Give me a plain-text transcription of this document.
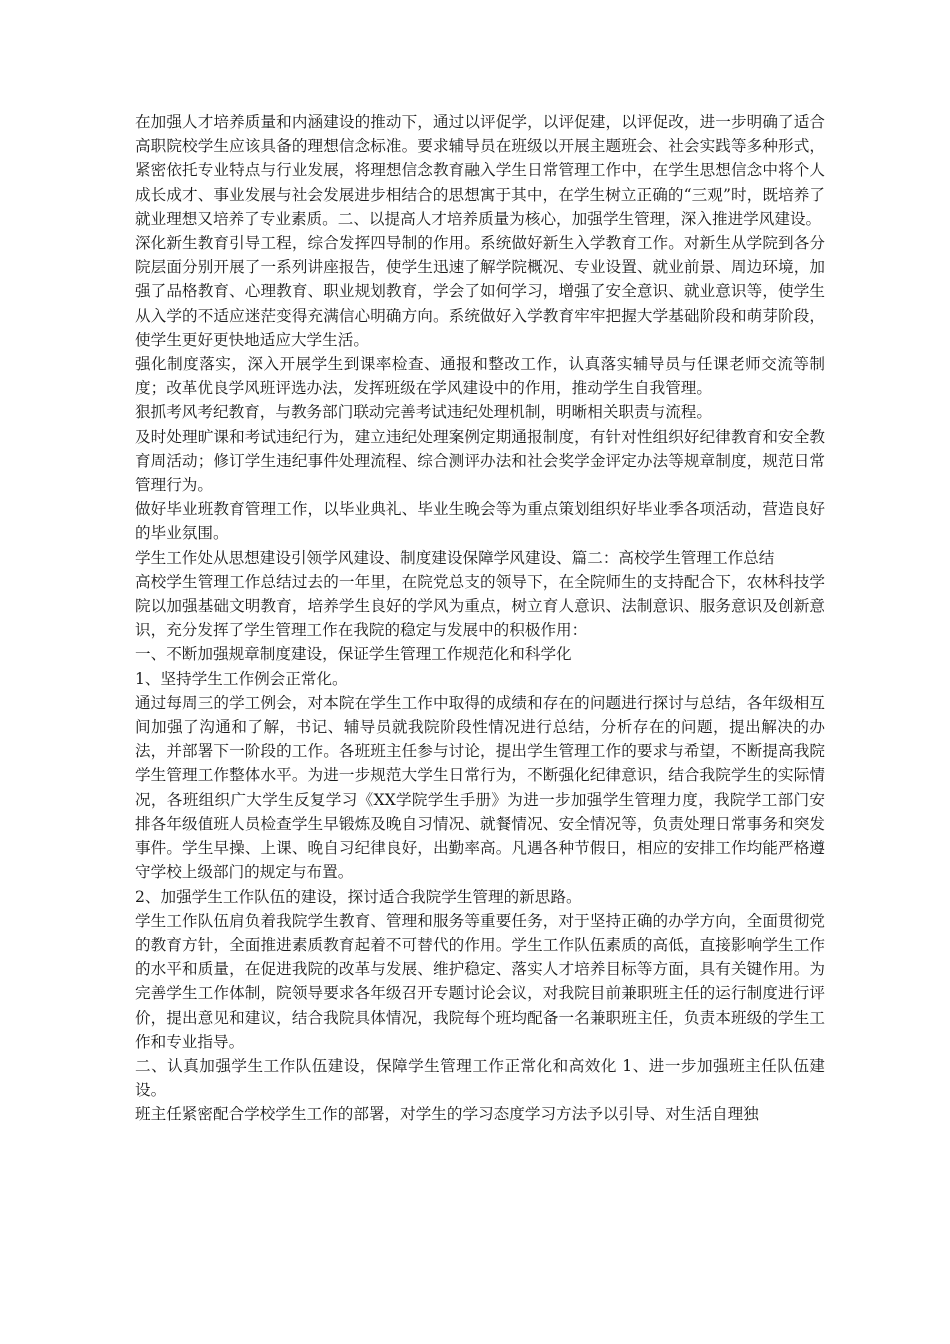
在加强人才培养质量和内涵建设的推动下，通过以评促学，以评促建，以评促改，进一步明确了适合高职院校学生应该具备的理想信念标准。要求辅导员在班级以开展主题班会、社会实践等多种形式，紧密依托专业特点与行业发展，将理想信念教育融入学生日常管理工作中，在学生思想信念中将个人成长成才、事业发展与社会发展进步相结合的思想寓于其中，在学生树立正确的“三观”时，既培养了就业理想又培养了专业素质。二、以提高人才培养质量为核心，加强学生管理，深入推进学风建设。

深化新生教育引导工程，综合发挥四导制的作用。系统做好新生入学教育工作。对新生从学院到各分院层面分别开展了一系列讲座报告，使学生迅速了解学院概况、专业设置、就业前景、周边环境，加强了品格教育、心理教育、职业规划教育，学会了如何学习，增强了安全意识、就业意识等，使学生从入学的不适应迷茫变得充满信心明确方向。系统做好入学教育牢牢把握大学基础阶段和萌芽阶段，使学生更好更快地适应大学生活。

强化制度落实，深入开展学生到课率检查、通报和整改工作，认真落实辅导员与任课老师交流等制度；改革优良学风班评选办法，发挥班级在学风建设中的作用，推动学生自我管理。

狠抓考风考纪教育，与教务部门联动完善考试违纪处理机制，明晰相关职责与流程。

及时处理旷课和考试违纪行为，建立违纪处理案例定期通报制度，有针对性组织好纪律教育和安全教育周活动；修订学生违纪事件处理流程、综合测评办法和社会奖学金评定办法等规章制度，规范日常管理行为。

做好毕业班教育管理工作，以毕业典礼、毕业生晚会等为重点策划组织好毕业季各项活动，营造良好的毕业氛围。

学生工作处从思想建设引领学风建设、制度建设保障学风建设、篇二：高校学生管理工作总结

高校学生管理工作总结过去的一年里，在院党总支的领导下，在全院师生的支持配合下，农林科技学院以加强基础文明教育，培养学生良好的学风为重点，树立育人意识、法制意识、服务意识及创新意识，充分发挥了学生管理工作在我院的稳定与发展中的积极作用：

一、不断加强规章制度建设，保证学生管理工作规范化和科学化

1、坚持学生工作例会正常化。

通过每周三的学工例会，对本院在学生工作中取得的成绩和存在的问题进行探讨与总结，各年级相互间加强了沟通和了解，书记、辅导员就我院阶段性情况进行总结，分析存在的问题，提出解决的办法，并部署下一阶段的工作。各班班主任参与讨论，提出学生管理工作的要求与希望，不断提高我院学生管理工作整体水平。为进一步规范大学生日常行为，不断强化纪律意识，结合我院学生的实际情况，各班组织广大学生反复学习《XX学院学生手册》为进一步加强学生管理力度，我院学工部门安排各年级值班人员检查学生早锻炼及晚自习情况、就餐情况、安全情况等，负责处理日常事务和突发事件。学生早操、上课、晚自习纪律良好，出勤率高。凡遇各种节假日，相应的安排工作均能严格遵守学校上级部门的规定与布置。

2、加强学生工作队伍的建设，探讨适合我院学生管理的新思路。

学生工作队伍肩负着我院学生教育、管理和服务等重要任务，对于坚持正确的办学方向，全面贯彻党的教育方针，全面推进素质教育起着不可替代的作用。学生工作队伍素质的高低，直接影响学生工作的水平和质量，在促进我院的改革与发展、维护稳定、落实人才培养目标等方面，具有关键作用。为完善学生工作体制，院领导要求各年级召开专题讨论会议，对我院目前兼职班主任的运行制度进行评价，提出意见和建议，结合我院具体情况，我院每个班均配备一名兼职班主任，负责本班级的学生工作和专业指导。

二、认真加强学生工作队伍建设，保障学生管理工作正常化和高效化 1、进一步加强班主任队伍建设。

班主任紧密配合学校学生工作的部署，对学生的学习态度学习方法予以引导、对生活自理独
